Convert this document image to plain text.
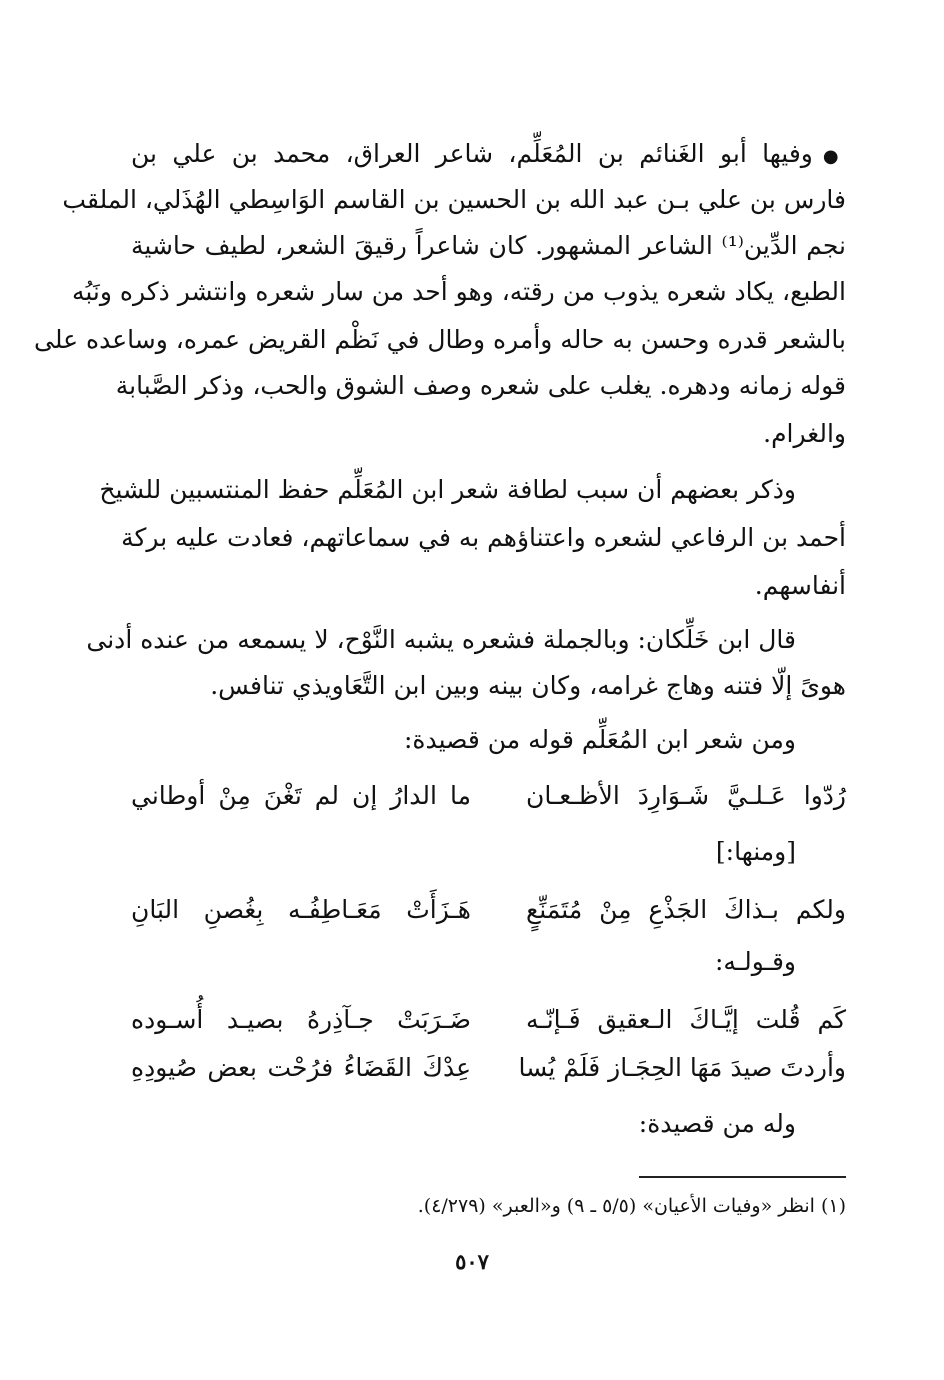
●وفيها أبو الغَنائم بن المُعَلِّم، شاعر العراق، محمد بن علي بن
فارس بن علي بـن عبد الله بن الحسين بن القاسم الوَاسِطي الهُذَلي، الملقب
نجم الدِّين⁽¹⁾ الشاعر المشهور. كان شاعراً رقيقَ الشعر، لطيف حاشية
الطبع، يكاد شعره يذوب من رقته، وهو أحد من سار شعره وانتشر ذكره ونَبُه
بالشعر قدره وحسن به حاله وأمره وطال في نَظْم القريض عمره، وساعده على
قوله زمانه ودهره. يغلب على شعره وصف الشوق والحب، وذكر الصَّبابة
والغرام.
وذكر بعضهم أن سبب لطافة شعر ابن المُعَلِّم حفظ المنتسبين للشيخ
أحمد بن الرفاعي لشعره واعتناؤهم به في سماعاتهم، فعادت عليه بركة
أنفاسهم.
قال ابن خَلِّكان: وبالجملة فشعره يشبه النَّوْح، لا يسمعه من عنده أدنى
هوىً إلّا فتنه وهاج غرامه، وكان بينه وبين ابن التَّعَاويذي تنافس.
ومن شعر ابن المُعَلِّم قوله من قصيدة:
رُدّوا عَـلـيَّ شَـوَارِدَ الأظـعـان
ما الدارُ إن لم تَغْنَ مِنْ أوطاني
[ومنها:]
ولكم بـذاكَ الجَذْعِ مِنْ مُتَمَنِّعٍ
هَـزَأَتْ مَعَـاطِفُـه بِغُصنِ البَانِ
وقـولـه:
كَم قُلت إيَّـاكَ الـعقيق فَـإنّـه
ضَـرَبَتْ جـآذِرهُ بصيـد أُسـوده
وأردتَ صيدَ مَهَا الحِجَـاز فَلَمْ يُسا
عِدْكَ القَضَاءُ فرُحْت بعض صُيودِهِ
وله من قصيدة:
(١) انظر «وفيات الأعيان» (٥/٥ ـ ٩) و«العبر» (٤/٢٧٩).
٥٠٧
